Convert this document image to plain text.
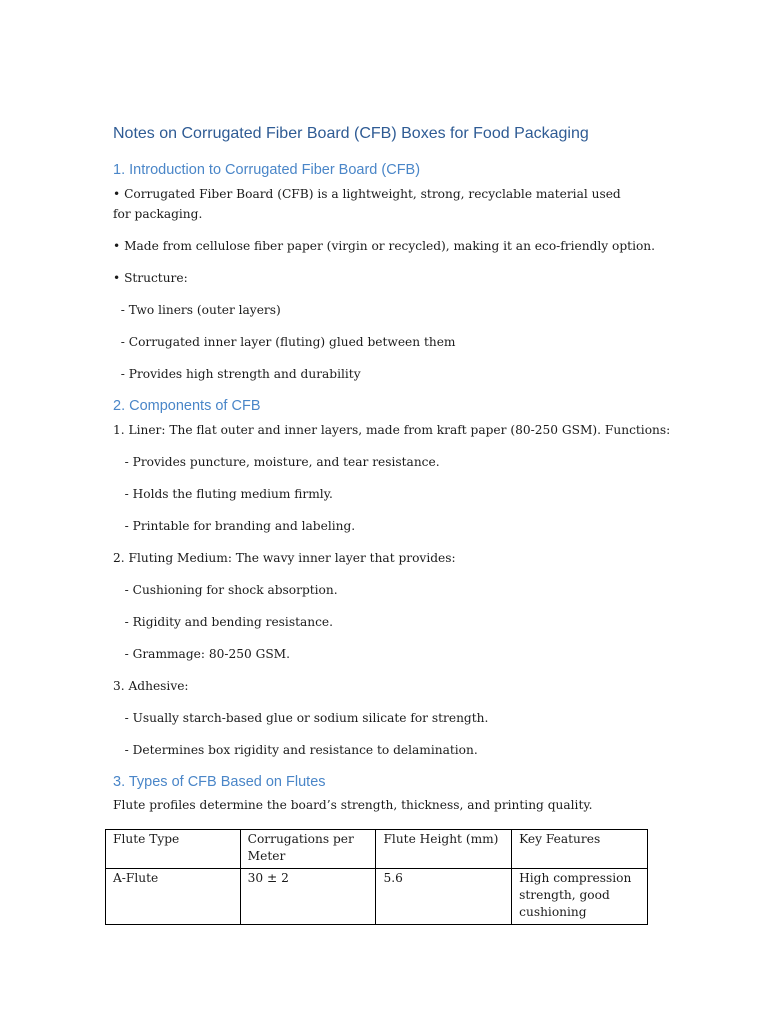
Notes on Corrugated Fiber Board (CFB) Boxes for Food Packaging
1. Introduction to Corrugated Fiber Board (CFB)

• Corrugated Fiber Board (CFB) is a lightweight, strong, recyclable material used for packaging.

• Made from cellulose fiber paper (virgin or recycled), making it an eco-friendly option.

• Structure:

- Two liners (outer layers)

- Corrugated inner layer (fluting) glued between them

- Provides high strength and durability

2. Components of CFB

1. Liner: The flat outer and inner layers, made from kraft paper (80-250 GSM). Functions:

- Provides puncture, moisture, and tear resistance.

- Holds the fluting medium firmly.

- Printable for branding and labeling.

2. Fluting Medium: The wavy inner layer that provides:

- Cushioning for shock absorption.

- Rigidity and bending resistance.

- Grammage: 80-250 GSM.

3. Adhesive:

- Usually starch-based glue or sodium silicate for strength.

- Determines box rigidity and resistance to delamination.

3. Types of CFB Based on Flutes

Flute profiles determine the board’s strength, thickness, and printing quality.

Flute Type	Corrugations per Meter	Flute Height (mm)	Key Features
A-Flute	30 ± 2	5.6	High compression strength, good cushioning
